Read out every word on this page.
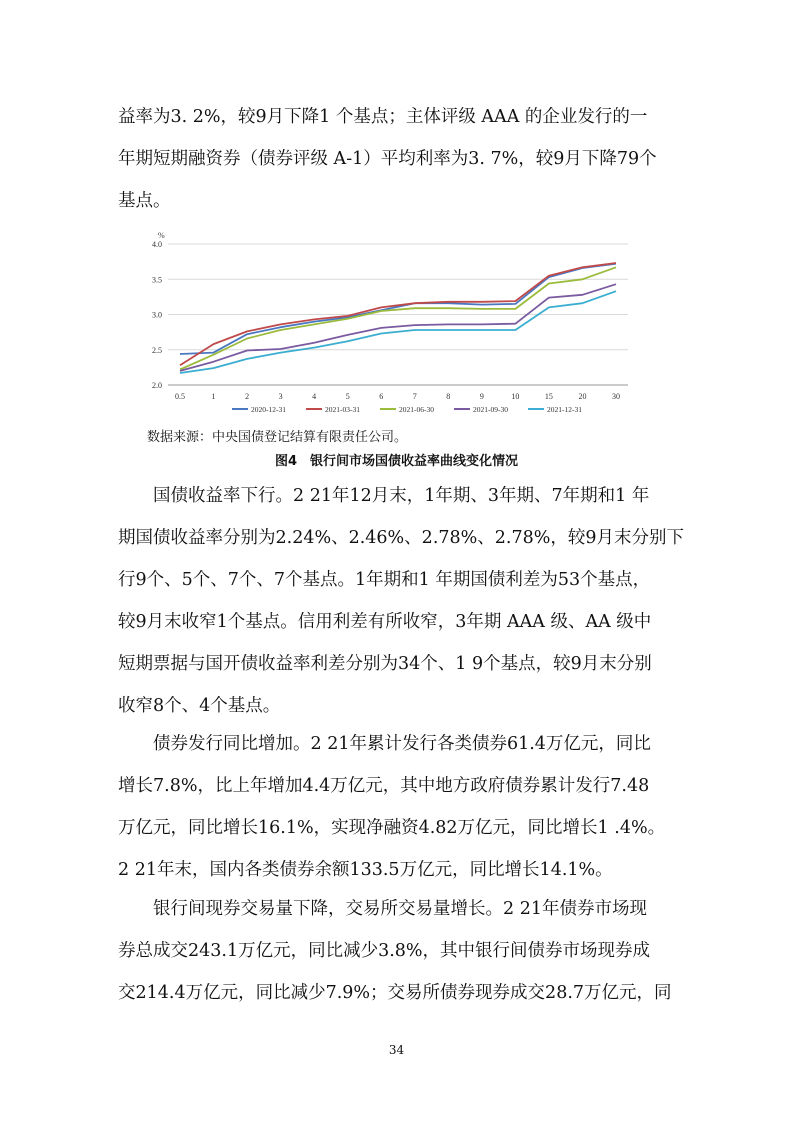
益率为3. 2%，较9月下降1 个基点；主体评级 AAA 的企业发行的一
年期短期融资券（债券评级 A-1）平均利率为3. 7%，较9月下降79个
基点。
4.0
3.5
3.0
2.5
2.0
%
0.5	1	2	3	4	5	6	7	8	9	10	15	20	30
2020-12-31	2021-03-31	2021-06-30	2021-09-30	2021-12-31
数据来源：中央国债登记结算有限责任公司。
图4　银行间市场国债收益率曲线变化情况
　　国债收益率下行。2 21年12月末，1年期、3年期、7年期和1 年
期国债收益率分别为2.24%、2.46%、2.78%、2.78%，较9月末分别下
行9个、5个、7个、7个基点。1年期和1 年期国债利差为53个基点，
较9月末收窄1个基点。信用利差有所收窄，3年期 AAA 级、AA 级中
短期票据与国开债收益率利差分别为34个、1 9个基点，较9月末分别
收窄8个、4个基点。
　　债券发行同比增加。2 21年累计发行各类债券61.4万亿元，同比
增长7.8%，比上年增加4.4万亿元，其中地方政府债券累计发行7.48
万亿元，同比增长16.1%，实现净融资4.82万亿元，同比增长1 .4%。
2 21年末，国内各类债券余额133.5万亿元，同比增长14.1%。
　　银行间现券交易量下降，交易所交易量增长。2 21年债券市场现
券总成交243.1万亿元，同比减少3.8%，其中银行间债券市场现券成
交214.4万亿元，同比减少7.9%；交易所债券现券成交28.7万亿元，同
34
